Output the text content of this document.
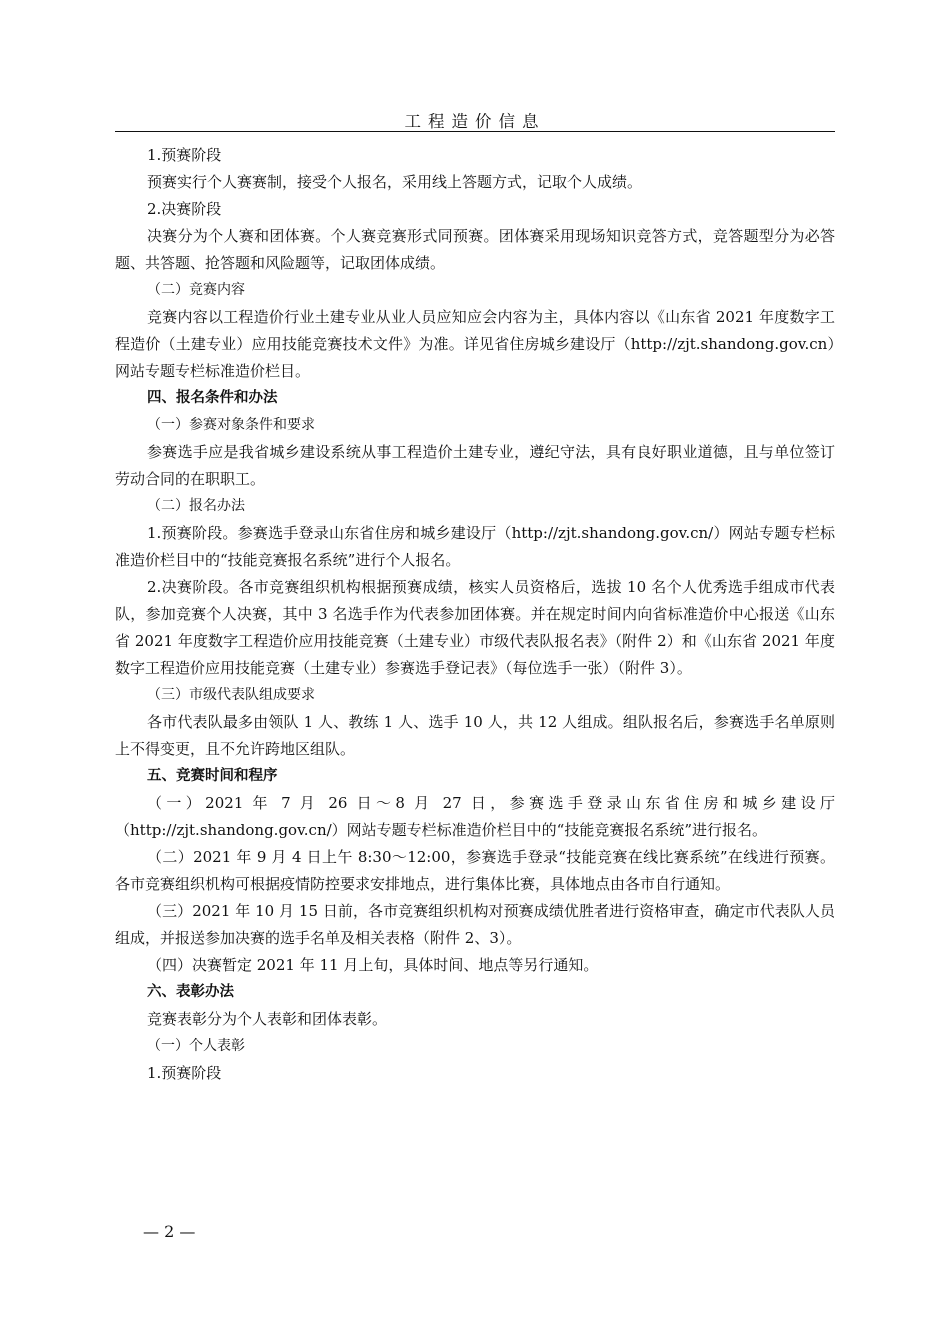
工程造价信息

1.预赛阶段

预赛实行个人赛赛制，接受个人报名，采用线上答题方式，记取个人成绩。

2.决赛阶段

决赛分为个人赛和团体赛。个人赛竞赛形式同预赛。团体赛采用现场知识竞答方式，竞答题型分为必答题、共答题、抢答题和风险题等，记取团体成绩。

（二）竞赛内容

竞赛内容以工程造价行业土建专业从业人员应知应会内容为主，具体内容以《山东省 2021 年度数字工程造价（土建专业）应用技能竞赛技术文件》为准。详见省住房城乡建设厅（http://zjt.shandong.gov.cn）网站专题专栏标准造价栏目。

四、报名条件和办法

（一）参赛对象条件和要求

参赛选手应是我省城乡建设系统从事工程造价土建专业，遵纪守法，具有良好职业道德，且与单位签订劳动合同的在职职工。

（二）报名办法

1.预赛阶段。参赛选手登录山东省住房和城乡建设厅（http://zjt.shandong.gov.cn/）网站专题专栏标准造价栏目中的“技能竞赛报名系统”进行个人报名。

2.决赛阶段。各市竞赛组织机构根据预赛成绩，核实人员资格后，选拔 10 名个人优秀选手组成市代表队，参加竞赛个人决赛，其中 3 名选手作为代表参加团体赛。并在规定时间内向省标准造价中心报送《山东省 2021 年度数字工程造价应用技能竞赛（土建专业）市级代表队报名表》（附件 2）和《山东省 2021 年度数字工程造价应用技能竞赛（土建专业）参赛选手登记表》（每位选手一张）（附件 3）。

（三）市级代表队组成要求

各市代表队最多由领队 1 人、教练 1 人、选手 10 人，共 12 人组成。组队报名后，参赛选手名单原则上不得变更，且不允许跨地区组队。

五、竞赛时间和程序

（一）2021 年 7 月 26 日～8 月 27 日，参赛选手登录山东省住房和城乡建设厅（http://zjt.shandong.gov.cn/）网站专题专栏标准造价栏目中的“技能竞赛报名系统”进行报名。

（二）2021 年 9 月 4 日上午 8:30～12:00，参赛选手登录“技能竞赛在线比赛系统”在线进行预赛。各市竞赛组织机构可根据疫情防控要求安排地点，进行集体比赛，具体地点由各市自行通知。

（三）2021 年 10 月 15 日前，各市竞赛组织机构对预赛成绩优胜者进行资格审查，确定市代表队人员组成，并报送参加决赛的选手名单及相关表格（附件 2、3）。

（四）决赛暂定 2021 年 11 月上旬，具体时间、地点等另行通知。

六、表彰办法

竞赛表彰分为个人表彰和团体表彰。

（一）个人表彰

1.预赛阶段

— 2 —
